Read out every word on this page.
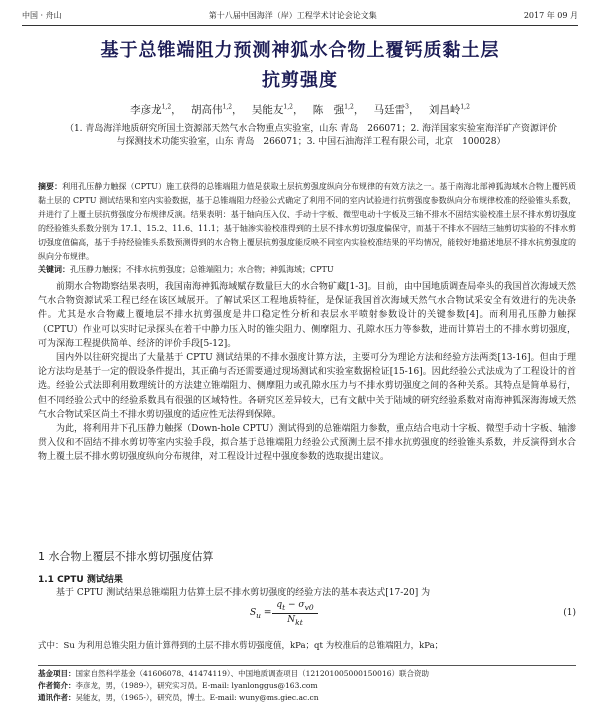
中国 · 舟山	第十八届中国海洋（岸）工程学术讨论会论文集	2017 年 09 月
基于总锥端阻力预测神狐水合物上覆钙质黏土层
抗剪强度
李彦龙$^{1,2}$， 胡高伟$^{1,2}$， 吴能友$^{1,2}$， 陈　强$^{1,2}$， 马廷雷$^3$， 刘昌岭$^{1,2}$
（1. 青岛海洋地质研究所国土资源部天然气水合物重点实验室，山东 青岛　266071；2. 海洋国家实验室海洋矿产资源评价与探测技术功能实验室，山东 青岛　266071；3. 中国石油海洋工程有限公司，北京　100028）
摘要：利用孔压静力触探（CPTU）施工获得的总锥端阻力值是获取土层抗剪强度纵向分布规律的有效方法之一。基于南海北部神狐海域水合物上覆钙质黏土层的 CPTU 测试结果和室内实验数据，基于总锥端阻力经验公式确定了利用不同的室内试验进行抗剪强度参数纵向分布规律校准的经验锥头系数，并进行了上覆土层抗剪强度分布规律反演。结果表明：基于轴向压入仪、手动十字板、微型电动十字板及三轴不排水不固结实验校准土层不排水剪切强度的经验锥头系数分别为 17.1、15.2、11.6、11.1；基于轴渗实验校准得到的土层不排水剪切强度偏保守，而基于不排水不固结三轴剪切实验的不排水剪切强度值偏高，基于手持经验锥头系数预测得到的水合物上覆层抗剪强度能反映不同室内实验校准结果的平均情况，能较好地描述地层不排水抗剪强度的纵向分布规律。
关键词：孔压静力触探；不排水抗剪强度；总锥端阻力；水合物；神狐海域；CPTU

前期水合物勘察结果表明，我国南海神狐海域赋存数量巨大的水合物矿藏[1-3]。目前，由中国地质调查局牵头的我国首次海域天然气水合物资源试采工程已经在该区域展开。了解试采区工程地质特征，是保证我国首次海域天然气水合物试采安全有效进行的先决条件。尤其是水合物藏上覆地层不排水抗剪强度是井口稳定性分析和表层水平喷射参数设计的关键参数[4]。而利用孔压静力触探（CPTU）作业可以实时记录探头在着干中静力压入时的锥尖阻力、侧摩阻力、孔隙水压力等参数，进而计算岩土的不排水剪切强度，可为深海工程提供简单、经济的评价手段[5-12]。

国内外以往研究提出了大量基于 CPTU 测试结果的不排水强度计算方法，主要可分为理论方法和经验方法两类[13-16]。但由于理论方法均是基于一定的假设条件提出，其正确与否还需要通过现场测试和实验室数据检证[15-16]。因此经验公式法成为了工程设计的首选。经验公式法即利用数理统计的方法建立锥端阻力、侧摩阻力或孔隙水压力与不排水剪切强度之间的各种关系。其特点是简单易行，但不同经验公式中的经验系数具有很强的区域特性。各研究区差异较大，已有文献中关于陆域的研究经验系数对南海神狐深海海域天然气水合物试采区尚土不排水剪切强度的适应性无法得到保障。

为此，将利用井下孔压静力触探（Down-hole CPTU）测试得到的总锥端阻力参数，重点结合电动十字板、微型手动十字板、轴渗贯入仪和不固结不排水剪切等室内实验手段，拟合基于总锥端阻力经验公式预测土层不排水抗剪强度的经验锥头系数，并反演得到水合物上覆土层不排水剪切强度纵向分布规律，对工程设计过程中强度参数的选取提出建议。

1 水合物上覆层不排水剪切强度估算
1.1 CPTU 测试结果
基于 CPTU 测试结果总锥端阻力估算土层不排水剪切强度的经验方法的基本表达式[17-20] 为
$S_u$ =
$q_t - \sigma_{v0}$
$N_{kt}$
(1)
式中：Su 为利用总锥尖阻力值计算得到的土层不排水剪切强度值，kPa；qt 为校准后的总锥端阻力，kPa；
基金项目：国家自然科学基金（41606078、41474119）、中国地质调查项目（121201005000150016）联合资助
作者简介：李彦龙，男，（1989-），研究实习员。E-mail: lyanlonggus@163.com
通讯作者：吴能友，男，（1965-），研究员，博士。E-mail: wuny@ms.giec.ac.cn
